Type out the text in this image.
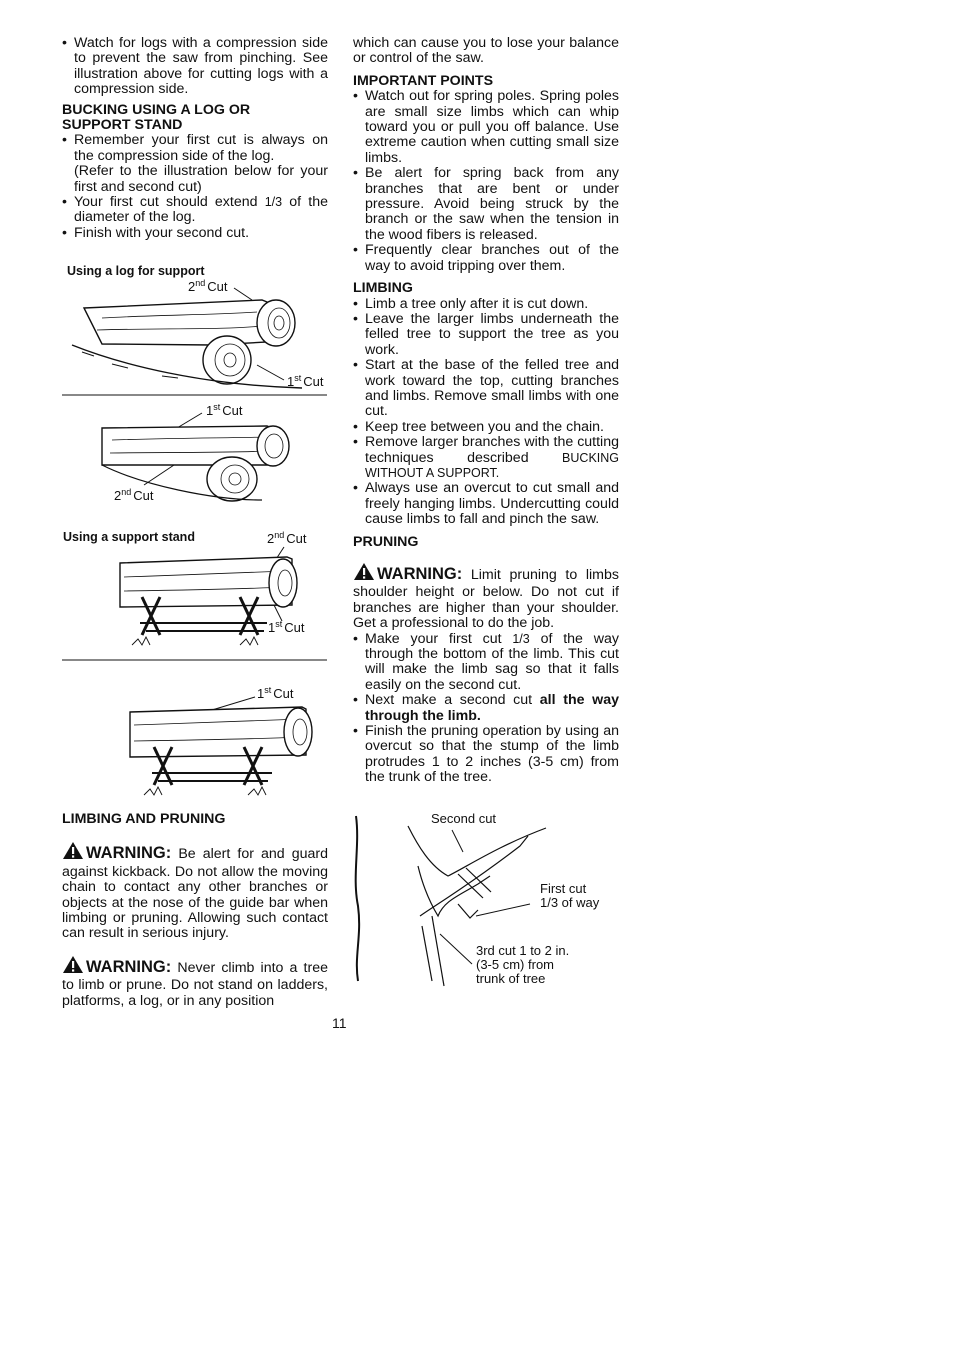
• Watch for logs with a compression side to prevent the saw from pinching. See illustration above for cutting logs with a compression side.
BUCKING USING A LOG OR
SUPPORT STAND
• Remember your first cut is always on the compression side of the log.
(Refer to the illustration below for your first and second cut)
• Your first cut should extend 1/3 of the diameter of the log.
• Finish with your second cut.
Using a log for support
2nd Cut
1st Cut
1st Cut
2nd Cut
Using a support stand	2nd Cut
1st Cut
1st Cut
LIMBING AND PRUNING
WARNING: Be alert for and guard against kickback. Do not allow the moving chain to contact any other branches or objects at the nose of the guide bar when limbing or pruning. Allowing such contact can result in serious injury.
WARNING: Never climb into a tree to limb or prune. Do not stand on ladders, platforms, a log, or in any position
which can cause you to lose your balance or control of the saw.
IMPORTANT POINTS
• Watch out for spring poles. Spring poles are small size limbs which can whip toward you or pull you off balance. Use extreme caution when cutting small size limbs.
• Be alert for spring back from any branches that are bent or under pressure. Avoid being struck by the branch or the saw when the tension in the wood fibers is released.
• Frequently clear branches out of the way to avoid tripping over them.
LIMBING
• Limb a tree only after it is cut down.
• Leave the larger limbs underneath the felled tree to support the tree as you work.
• Start at the base of the felled tree and work toward the top, cutting branches and limbs. Remove small limbs with one cut.
• Keep tree between you and the chain.
• Remove larger branches with the cutting techniques described	BUCKING WITHOUT A SUPPORT.
• Always use an overcut to cut small and freely hanging limbs. Undercutting could cause limbs to fall and pinch the saw.
PRUNING
WARNING: Limit pruning to limbs shoulder height or below. Do not cut if branches are higher than your shoulder. Get a professional to do the job.
• Make your first cut 1/3 of the way through the bottom of the limb. This cut will make the limb sag so that it falls easily on the second cut.
• Next make a second cut all the way through the limb.
• Finish the pruning operation by using an overcut so that the stump of the limb protrudes 1 to 2 inches (3-5 cm) from the trunk of the tree.
Second cut
First cut
1/3 of way
3rd cut 1 to 2 in.
(3-5 cm) from
trunk of tree
11
